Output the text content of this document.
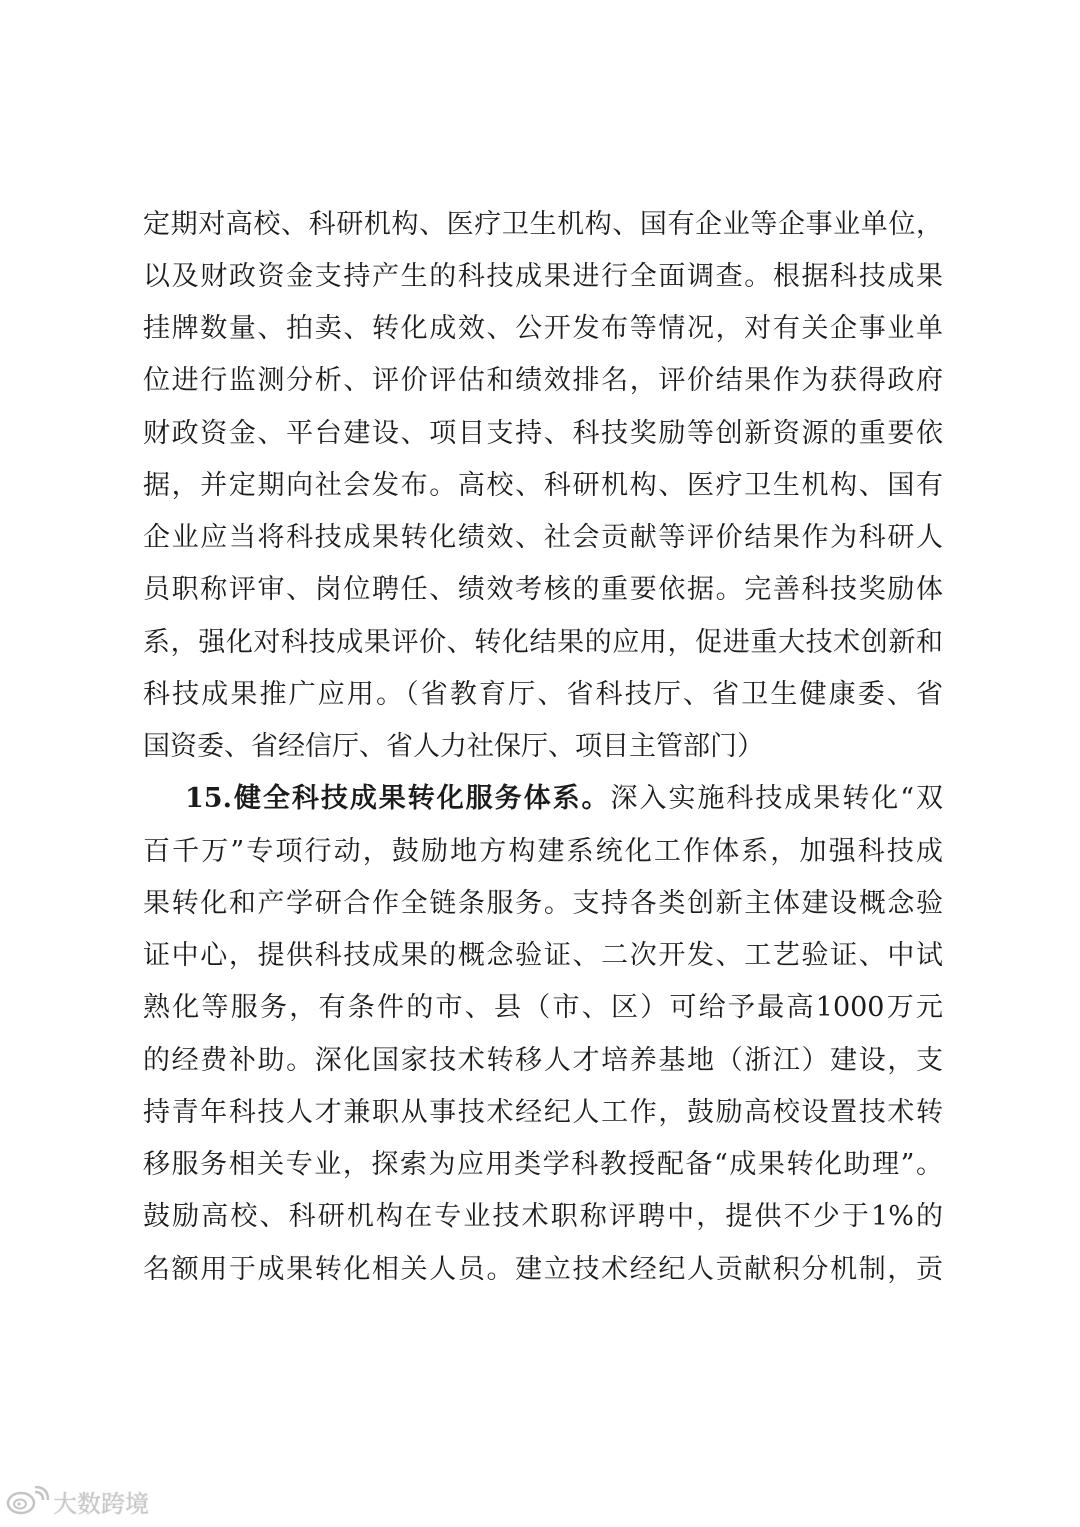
定期对高校、科研机构、医疗卫生机构、国有企业等企事业单位，
以及财政资金支持产生的科技成果进行全面调查。根据科技成果
挂牌数量、拍卖、转化成效、公开发布等情况，对有关企事业单
位进行监测分析、评价评估和绩效排名，评价结果作为获得政府
财政资金、平台建设、项目支持、科技奖励等创新资源的重要依
据，并定期向社会发布。高校、科研机构、医疗卫生机构、国有
企业应当将科技成果转化绩效、社会贡献等评价结果作为科研人
员职称评审、岗位聘任、绩效考核的重要依据。完善科技奖励体
系，强化对科技成果评价、转化结果的应用，促进重大技术创新和
科技成果推广应用。（省教育厅、省科技厅、省卫生健康委、省
国资委、省经信厅、省人力社保厅、项目主管部门）
15.健全科技成果转化服务体系。深入实施科技成果转化“双
百千万”专项行动，鼓励地方构建系统化工作体系，加强科技成
果转化和产学研合作全链条服务。支持各类创新主体建设概念验
证中心，提供科技成果的概念验证、二次开发、工艺验证、中试
熟化等服务，有条件的市、县（市、区）可给予最高1000万元
的经费补助。深化国家技术转移人才培养基地（浙江）建设，支
持青年科技人才兼职从事技术经纪人工作，鼓励高校设置技术转
移服务相关专业，探索为应用类学科教授配备“成果转化助理”。
鼓励高校、科研机构在专业技术职称评聘中，提供不少于1%的
名额用于成果转化相关人员。建立技术经纪人贡献积分机制，贡
大数跨境
